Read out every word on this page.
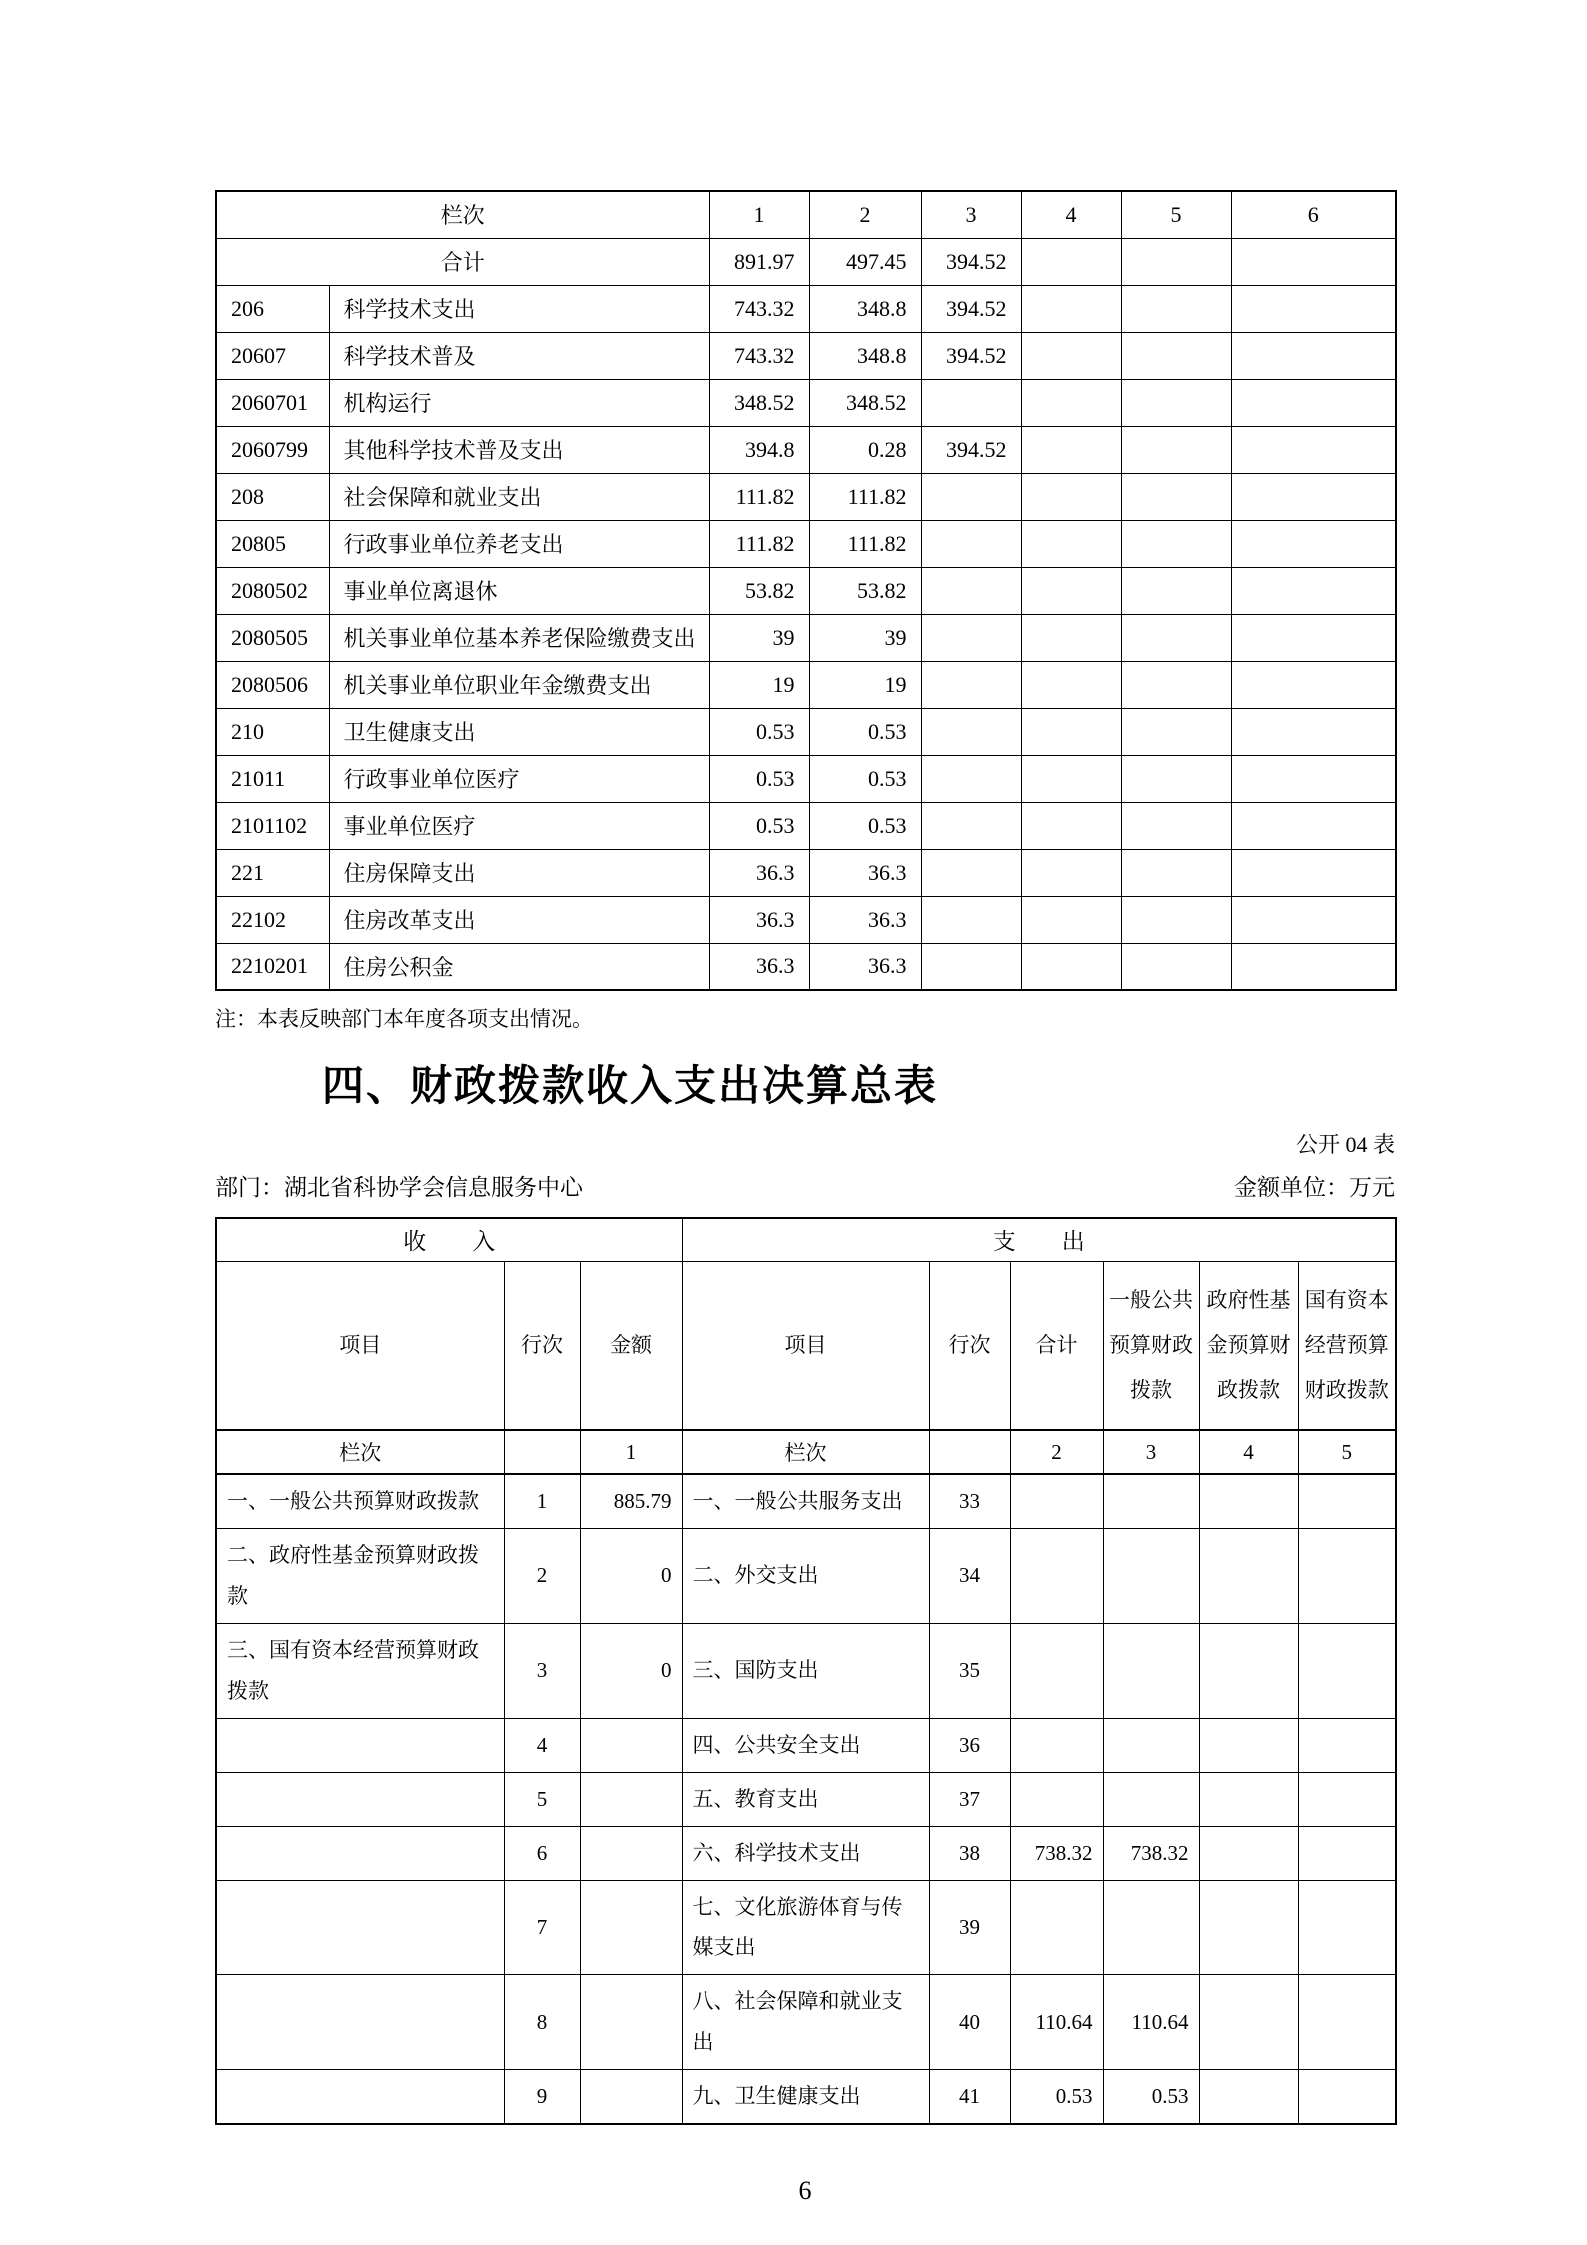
栏次		1	2	3	4	5	6
合计		891.97	497.45	394.52			
206	科学技术支出	743.32	348.8	394.52			
20607	科学技术普及	743.32	348.8	394.52			
2060701	机构运行	348.52	348.52				
2060799	其他科学技术普及支出	394.8	0.28	394.52			
208	社会保障和就业支出	111.82	111.82				
20805	行政事业单位养老支出	111.82	111.82				
2080502	事业单位离退休	53.82	53.82				
2080505	机关事业单位基本养老保险缴费支出	39	39				
2080506	机关事业单位职业年金缴费支出	19	19				
210	卫生健康支出	0.53	0.53				
21011	行政事业单位医疗	0.53	0.53				
2101102	事业单位医疗	0.53	0.53				
221	住房保障支出	36.3	36.3				
22102	住房改革支出	36.3	36.3				
2210201	住房公积金	36.3	36.3				
注：本表反映部门本年度各项支出情况。
四、财政拨款收入支出决算总表
公开 04 表
部门：湖北省科协学会信息服务中心	金额单位：万元
收　　入			支　　出					
项目	行次	金额	项目	行次	合计	一般公共预算财政拨款	政府性基金预算财政拨款	国有资本经营预算财政拨款
栏次		1	栏次		2	3	4	5
一、一般公共预算财政拨款	1	885.79	一、一般公共服务支出	33				
二、政府性基金预算财政拨款	2	0	二、外交支出	34				
三、国有资本经营预算财政拨款	3	0	三、国防支出	35				
	4		四、公共安全支出	36				
	5		五、教育支出	37				
	6		六、科学技术支出	38	738.32	738.32		
	7		七、文化旅游体育与传媒支出	39				
	8		八、社会保障和就业支出	40	110.64	110.64		
	9		九、卫生健康支出	41	0.53	0.53		
6
